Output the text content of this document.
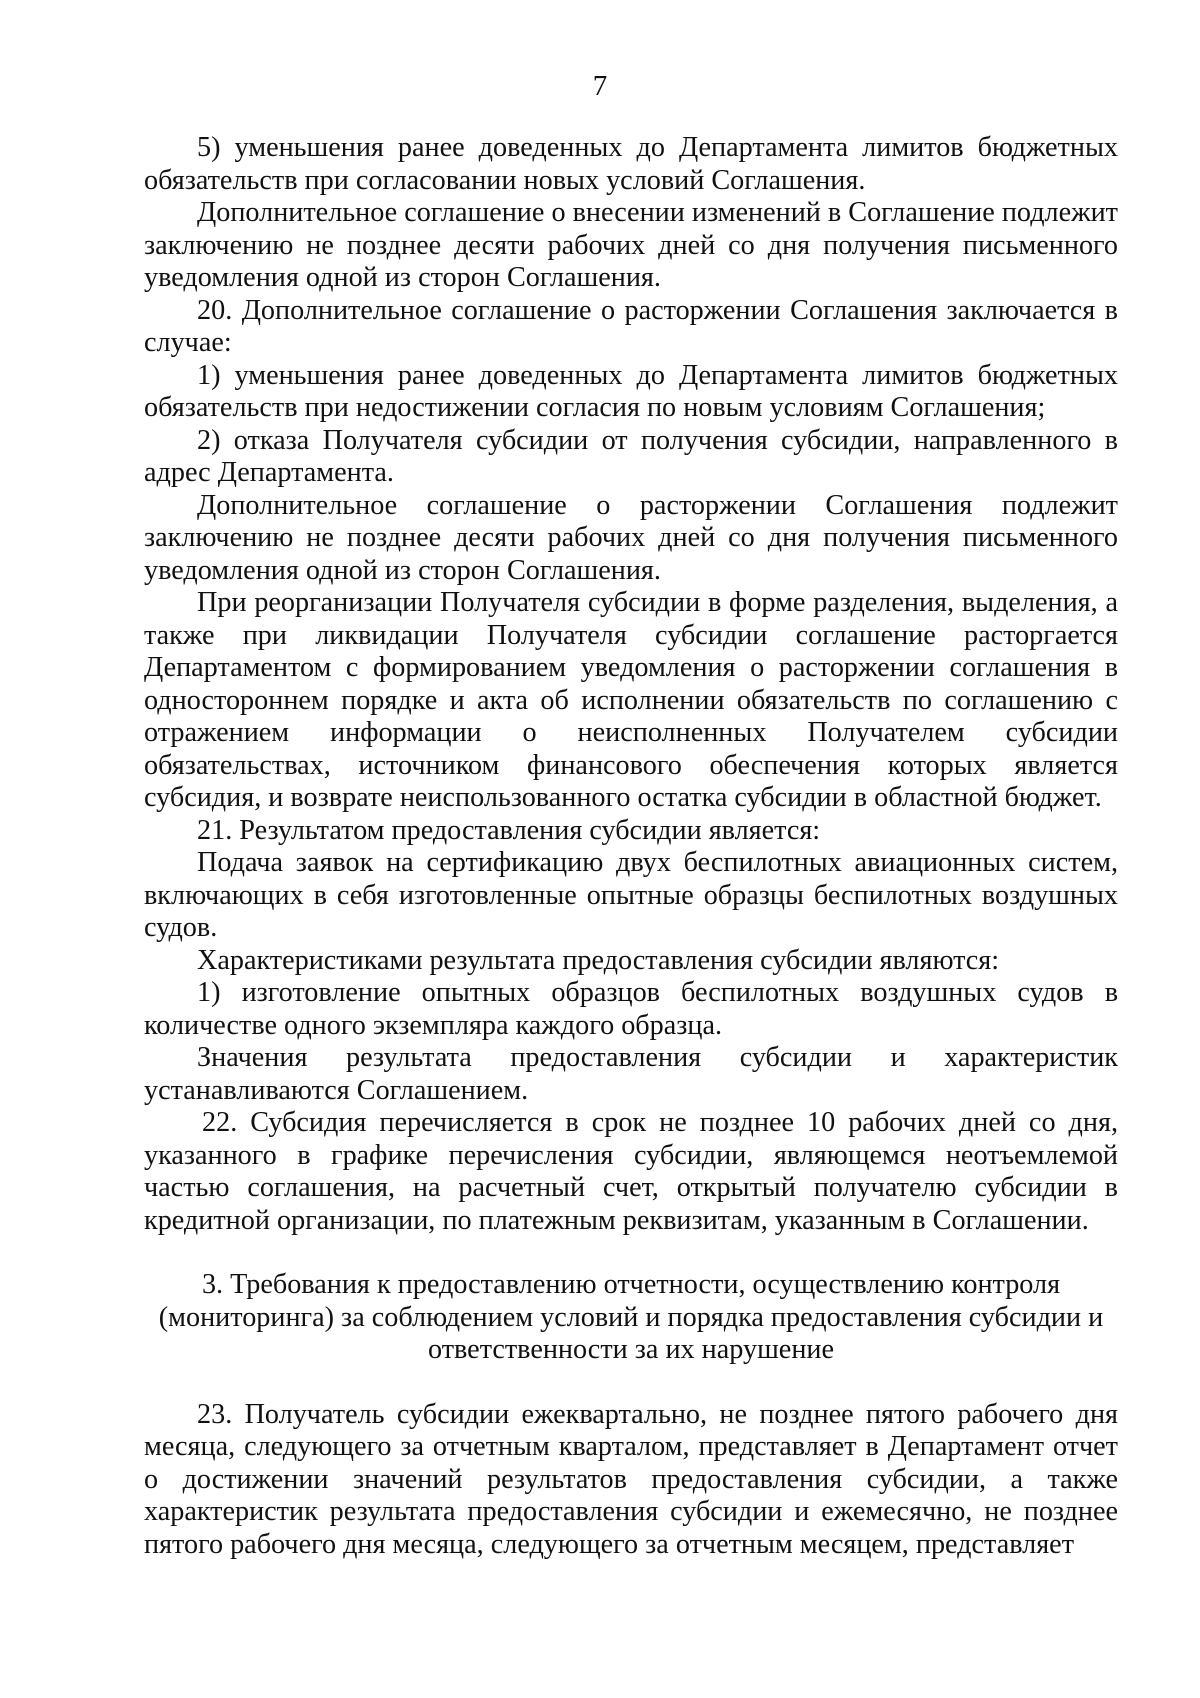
7

5) уменьшения ранее доведенных до Департамента лимитов бюджетных обязательств при согласовании новых условий Соглашения.

Дополнительное соглашение о внесении изменений в Соглашение подлежит заключению не позднее десяти рабочих дней со дня получения письменного уведомления одной из сторон Соглашения.

20. Дополнительное соглашение о расторжении Соглашения заключается в случае:

1) уменьшения ранее доведенных до Департамента лимитов бюджетных обязательств при недостижении согласия по новым условиям Соглашения;

2) отказа Получателя субсидии от получения субсидии, направленного в адрес Департамента.

Дополнительное соглашение о расторжении Соглашения подлежит заключению не позднее десяти рабочих дней со дня получения письменного уведомления одной из сторон Соглашения.

При реорганизации Получателя субсидии в форме разделения, выделения, а также при ликвидации Получателя субсидии соглашение расторгается Департаментом с формированием уведомления о расторжении соглашения в одностороннем порядке и акта об исполнении обязательств по соглашению с отражением информации о неисполненных Получателем субсидии обязательствах, источником финансового обеспечения которых является субсидия, и возврате неиспользованного остатка субсидии в областной бюджет.

21. Результатом предоставления субсидии является:

Подача заявок на сертификацию двух беспилотных авиационных систем, включающих в себя изготовленные опытные образцы беспилотных воздушных судов.

Характеристиками результата предоставления субсидии являются:

1) изготовление опытных образцов беспилотных воздушных судов в количестве одного экземпляра каждого образца.

Значения результата предоставления субсидии и характеристик устанавливаются Соглашением.

22. Субсидия перечисляется в срок не позднее 10 рабочих дней со дня, указанного в графике перечисления субсидии, являющемся неотъемлемой частью соглашения, на расчетный счет, открытый получателю субсидии в кредитной организации, по платежным реквизитам, указанным в Соглашении.

3. Требования к предоставлению отчетности, осуществлению контроля
(мониторинга) за соблюдением условий и порядка предоставления субсидии и
ответственности за их нарушение

23. Получатель субсидии ежеквартально, не позднее пятого рабочего дня месяца, следующего за отчетным кварталом, представляет в Департамент отчет о достижении значений результатов предоставления субсидии, а также характеристик результата предоставления субсидии и ежемесячно, не позднее пятого рабочего дня месяца, следующего за отчетным месяцем, представляет
